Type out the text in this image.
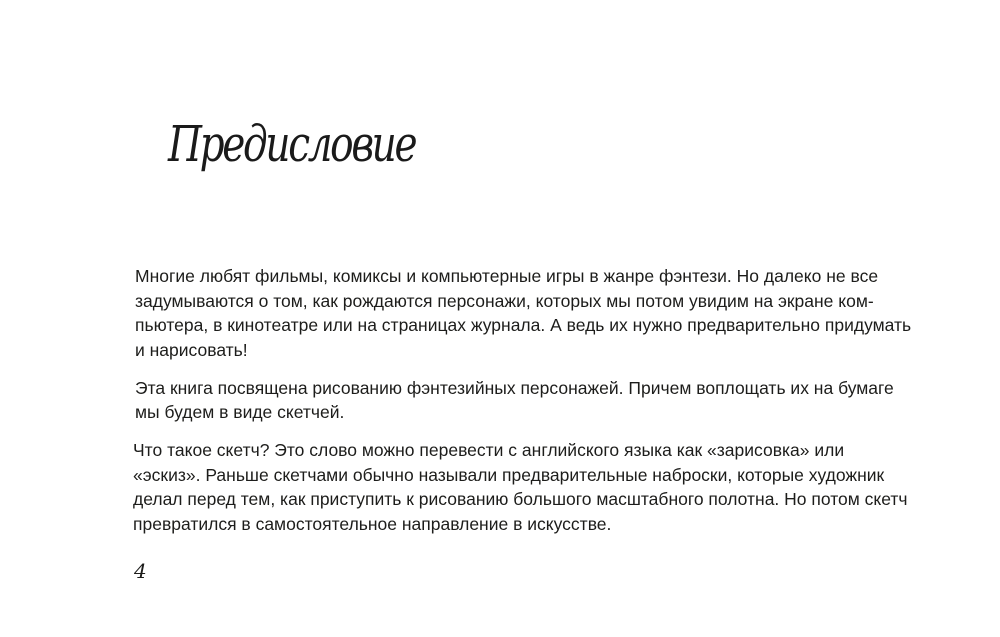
Предисловие

Многие любят фильмы, комиксы и компьютерные игры в жанре фэнтези. Но далеко не все
задумываются о том, как рождаются персонажи, которых мы потом увидим на экране ком-
пьютера, в кинотеатре или на страницах журнала. А ведь их нужно предварительно придумать
и нарисовать!

Эта книга посвящена рисованию фэнтезийных персонажей. Причем воплощать их на бумаге
мы будем в виде скетчей.

Что такое скетч? Это слово можно перевести с английского языка как «зарисовка» или
«эскиз». Раньше скетчами обычно называли предварительные наброски, которые художник
делал перед тем, как приступить к рисованию большого масштабного полотна. Но потом скетч
превратился в самостоятельное направление в искусстве.

4
